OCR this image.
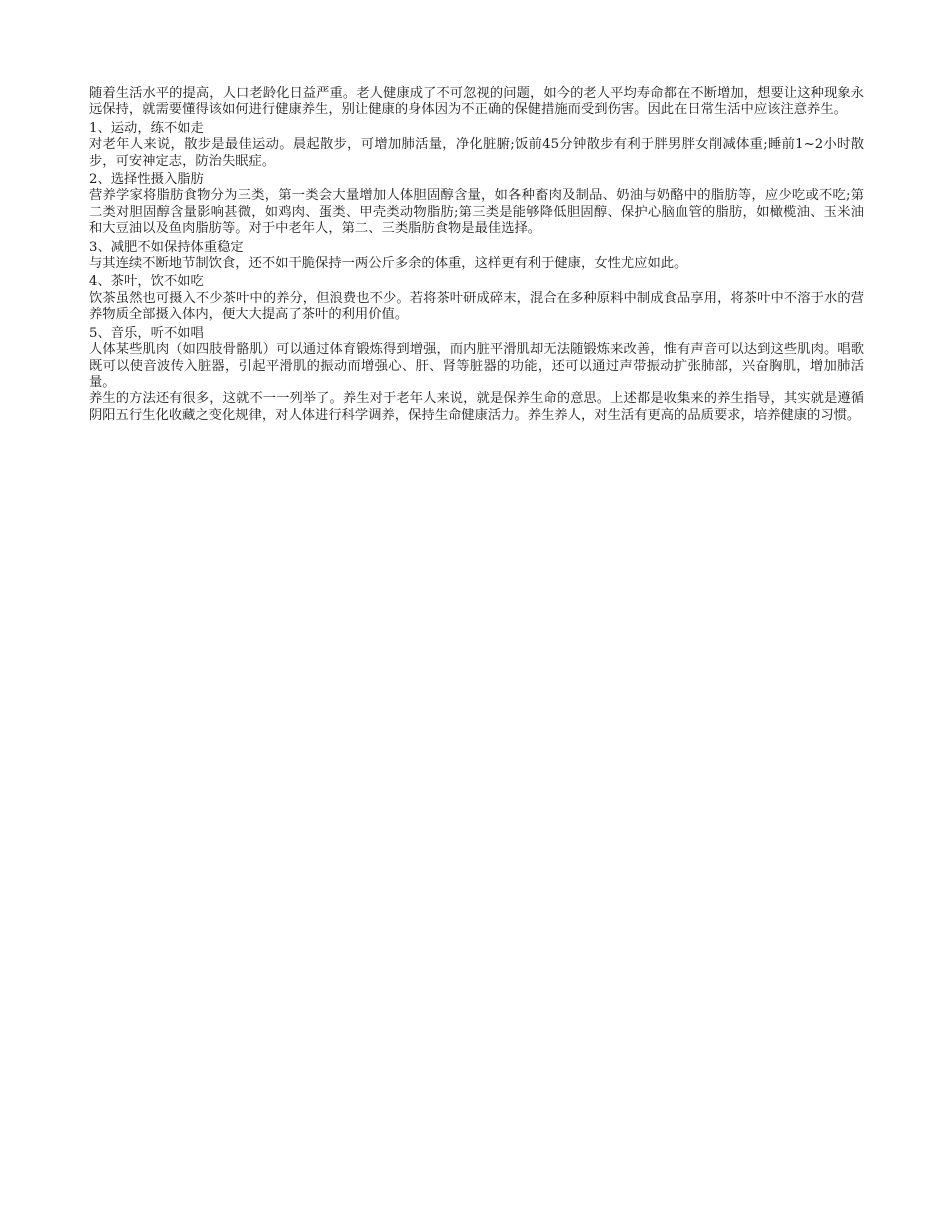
随着生活水平的提高，人口老龄化日益严重。老人健康成了不可忽视的问题，如今的老人平均寿命都在不断增加，想要让这种现象永远保持，就需要懂得该如何进行健康养生，别让健康的身体因为不正确的保健措施而受到伤害。因此在日常生活中应该注意养生。

1、运动，练不如走

对老年人来说，散步是最佳运动。晨起散步，可增加肺活量，净化脏腑;饭前45分钟散步有利于胖男胖女削减体重;睡前1~2小时散步，可安神定志，防治失眠症。

2、选择性摄入脂肪

营养学家将脂肪食物分为三类，第一类会大量增加人体胆固醇含量，如各种畜肉及制品、奶油与奶酪中的脂肪等，应少吃或不吃;第二类对胆固醇含量影响甚微，如鸡肉、蛋类、甲壳类动物脂肪;第三类是能够降低胆固醇、保护心脑血管的脂肪，如橄榄油、玉米油和大豆油以及鱼肉脂肪等。对于中老年人，第二、三类脂肪食物是最佳选择。

3、减肥不如保持体重稳定

与其连续不断地节制饮食，还不如干脆保持一两公斤多余的体重，这样更有利于健康，女性尤应如此。

4、茶叶，饮不如吃

饮茶虽然也可摄入不少茶叶中的养分，但浪费也不少。若将茶叶研成碎末，混合在多种原料中制成食品享用，将茶叶中不溶于水的营养物质全部摄入体内，便大大提高了茶叶的利用价值。

5、音乐，听不如唱

人体某些肌肉（如四肢骨骼肌）可以通过体育锻炼得到增强，而内脏平滑肌却无法随锻炼来改善，惟有声音可以达到这些肌肉。唱歌既可以使音波传入脏器，引起平滑肌的振动而增强心、肝、肾等脏器的功能，还可以通过声带振动扩张肺部，兴奋胸肌，增加肺活量。

养生的方法还有很多，这就不一一列举了。养生对于老年人来说，就是保养生命的意思。上述都是收集来的养生指导，其实就是遵循阴阳五行生化收藏之变化规律，对人体进行科学调养，保持生命健康活力。养生养人，对生活有更高的品质要求，培养健康的习惯。
